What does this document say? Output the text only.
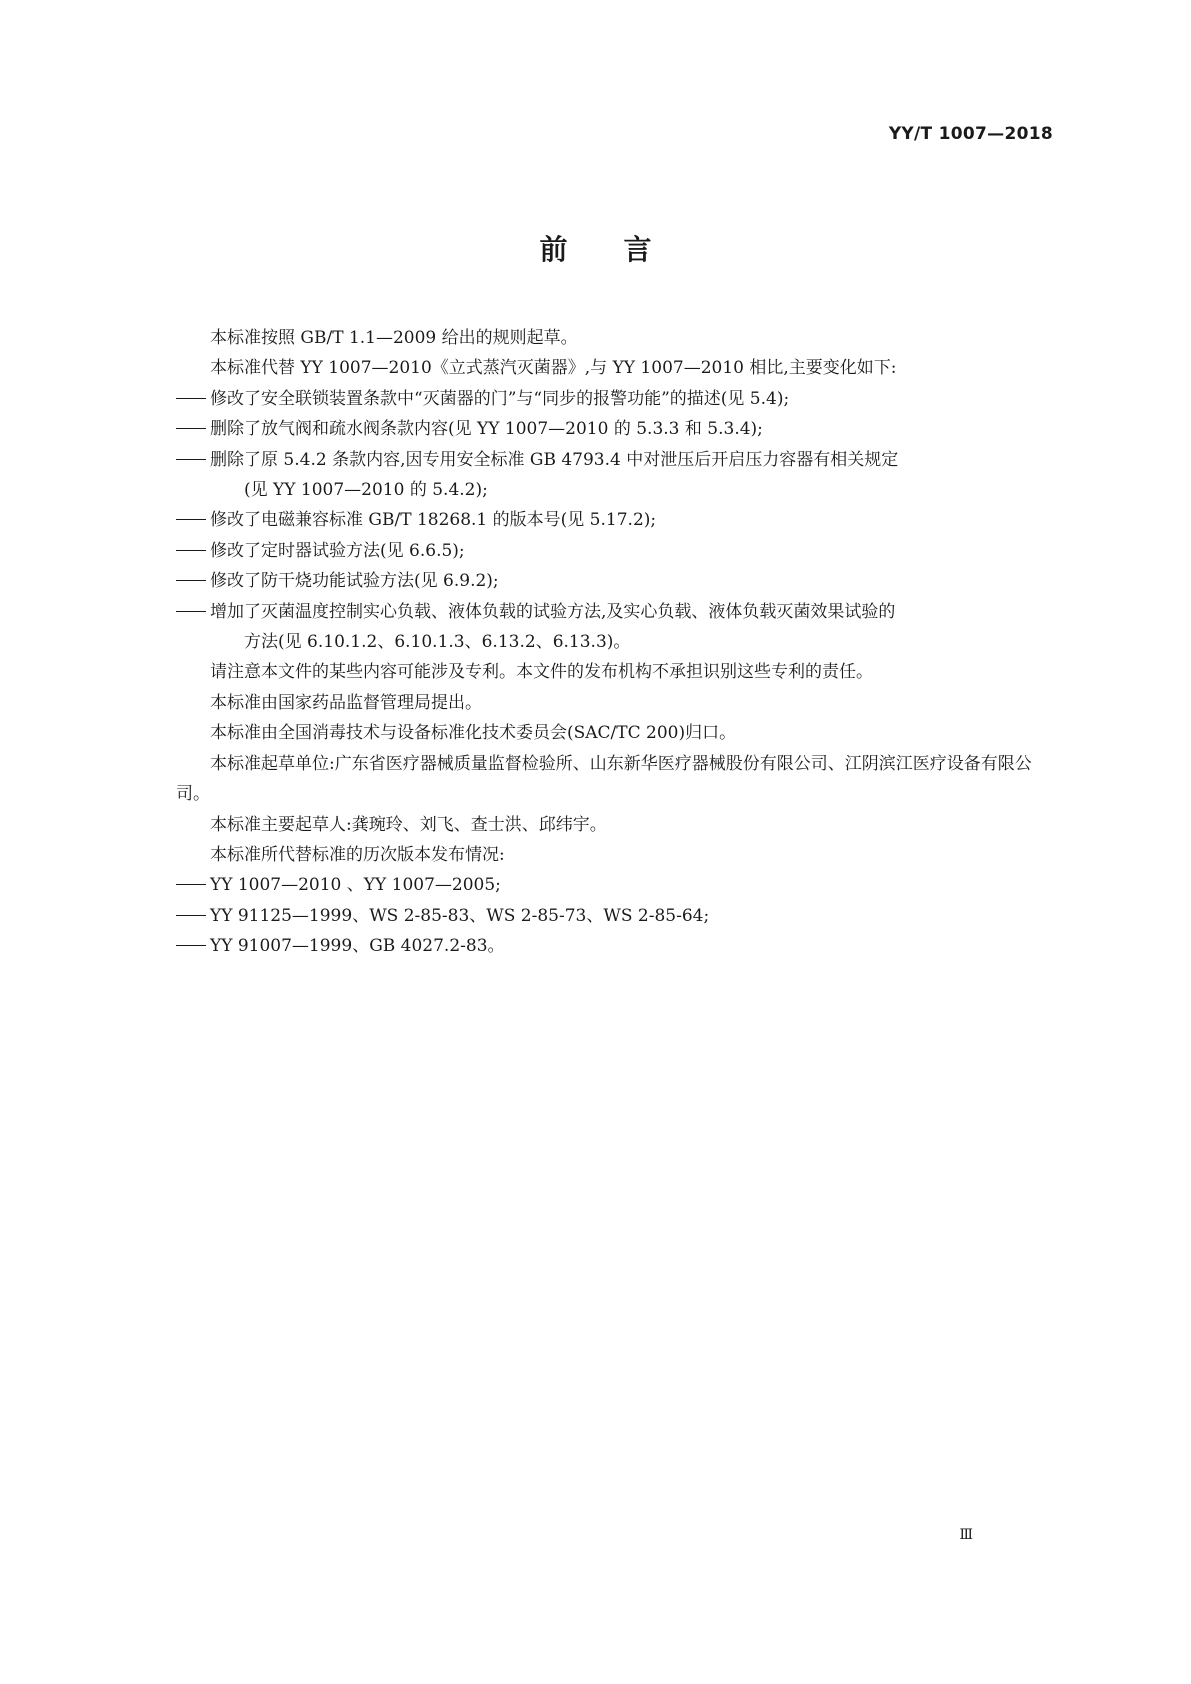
YY/T 1007—2018
前 言

本标准按照 GB/T 1.1—2009 给出的规则起草。

本标准代替 YY 1007—2010《立式蒸汽灭菌器》,与 YY 1007—2010 相比,主要变化如下:

修改了安全联锁装置条款中“灭菌器的门”与“同步的报警功能”的描述(见 5.4);

删除了放气阀和疏水阀条款内容(见 YY 1007—2010 的 5.3.3 和 5.3.4);

删除了原 5.4.2 条款内容,因专用安全标准 GB 4793.4 中对泄压后开启压力容器有相关规定
(见 YY 1007—2010 的 5.4.2);

修改了电磁兼容标准 GB/T 18268.1 的版本号(见 5.17.2);

修改了定时器试验方法(见 6.6.5);

修改了防干烧功能试验方法(见 6.9.2);

增加了灭菌温度控制实心负载、液体负载的试验方法,及实心负载、液体负载灭菌效果试验的
方法(见 6.10.1.2、6.10.1.3、6.13.2、6.13.3)。

请注意本文件的某些内容可能涉及专利。本文件的发布机构不承担识别这些专利的责任。

本标准由国家药品监督管理局提出。

本标准由全国消毒技术与设备标准化技术委员会(SAC/TC 200)归口。

本标准起草单位:广东省医疗器械质量监督检验所、山东新华医疗器械股份有限公司、江阴滨江医疗设备有限公司。

本标准主要起草人:龚琬玲、刘飞、查士洪、邱纬宇。

本标准所代替标准的历次版本发布情况:

YY 1007—2010 、YY 1007—2005;

YY 91125—1999、WS 2-85-83、WS 2-85-73、WS 2-85-64;

YY 91007—1999、GB 4027.2-83。

Ⅲ
